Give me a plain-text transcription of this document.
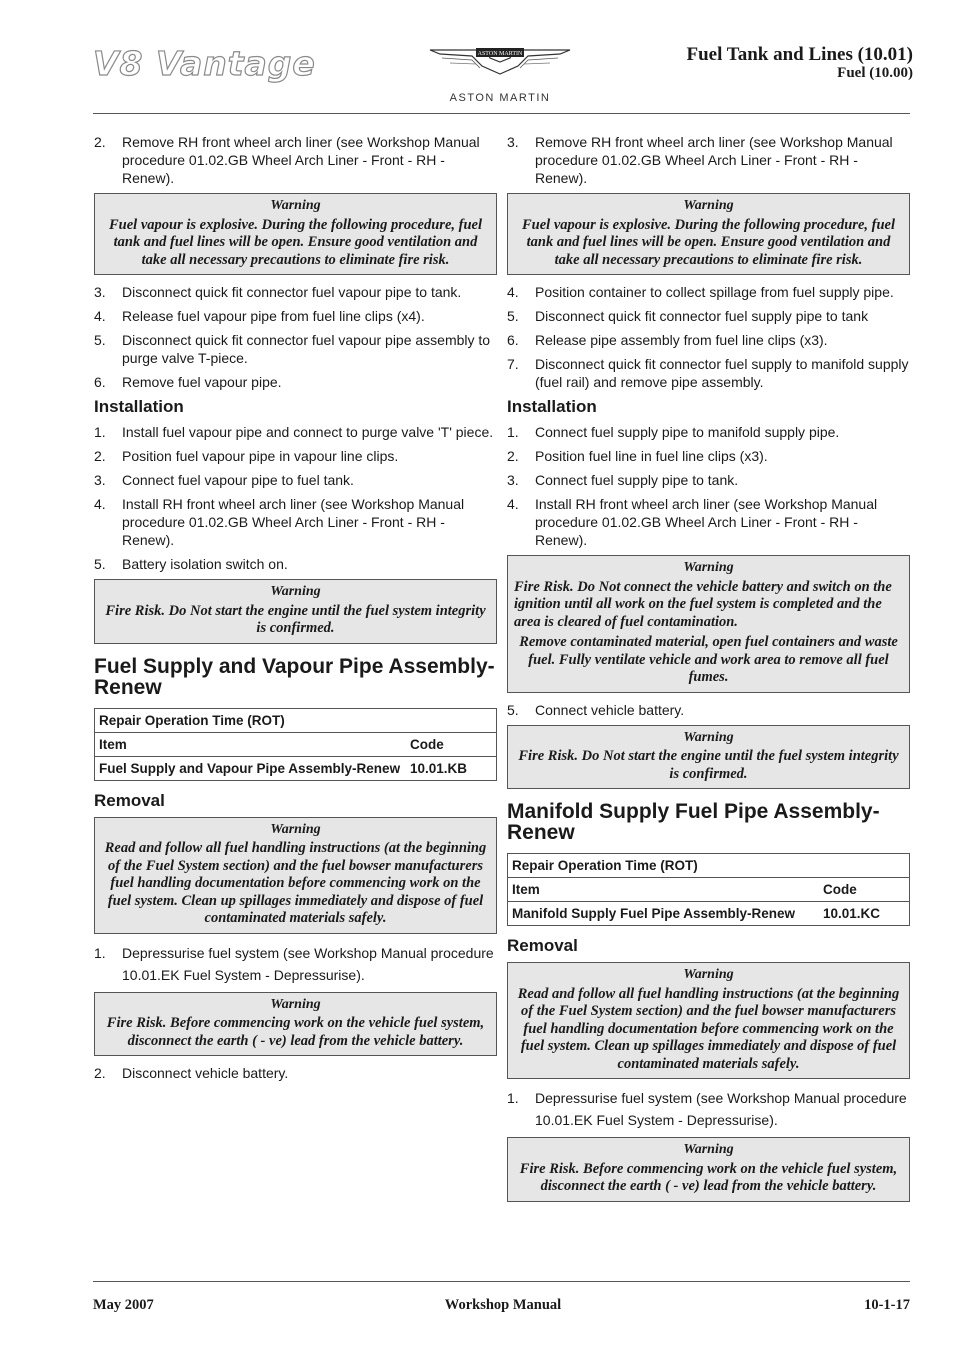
V8 Vantage	ASTON MARTIN
ASTON MARTIN
Fuel Tank and Lines (10.01)
Fuel (10.00)
2.	Remove RH front wheel arch liner (see Workshop Manual procedure 01.02.GB Wheel Arch Liner - Front - RH - Renew).
Warning
Fuel vapour is explosive. During the following procedure, fuel tank and fuel lines will be open. Ensure good ventilation and take all necessary precautions to eliminate fire risk.
3.	Disconnect quick fit connector fuel vapour pipe to tank.
4.	Release fuel vapour pipe from fuel line clips (x4).
5.	Disconnect quick fit connector fuel vapour pipe assembly to purge valve T-piece.
6.	Remove fuel vapour pipe.
Installation
1.	Install fuel vapour pipe and connect to purge valve 'T' piece.
2.	Position fuel vapour pipe in vapour line clips.
3.	Connect fuel vapour pipe to fuel tank.
4.	Install RH front wheel arch liner (see Workshop Manual procedure 01.02.GB Wheel Arch Liner - Front - RH - Renew).
5.	Battery isolation switch on.
Warning
Fire Risk. Do Not start the engine until the fuel system integrity is confirmed.
Fuel Supply and Vapour Pipe Assembly-Renew
Repair Operation Time (ROT)	
Item	Code
Fuel Supply and Vapour Pipe Assembly-Renew	10.01.KB
Removal
Warning
Read and follow all fuel handling instructions (at the beginning of the Fuel System section) and the fuel bowser manufacturers fuel handling documentation before commencing work on the fuel system. Clean up spillages immediately and dispose of fuel contaminated materials safely.
1.	Depressurise fuel system (see Workshop Manual procedure 10.01.EK Fuel System - Depressurise).
Warning
Fire Risk. Before commencing work on the vehicle fuel system, disconnect the earth ( - ve) lead from the vehicle battery.
2.	Disconnect vehicle battery.
3.	Remove RH front wheel arch liner (see Workshop Manual procedure 01.02.GB Wheel Arch Liner - Front - RH - Renew).
Warning
Fuel vapour is explosive. During the following procedure, fuel tank and fuel lines will be open. Ensure good ventilation and take all necessary precautions to eliminate fire risk.
4.	Position container to collect spillage from fuel supply pipe.
5.	Disconnect quick fit connector fuel supply pipe to tank
6.	Release pipe assembly from fuel line clips (x3).
7.	Disconnect quick fit connector fuel supply to manifold supply (fuel rail) and remove pipe assembly.
Installation
1.	Connect fuel supply pipe to manifold supply pipe.
2.	Position fuel line in fuel line clips (x3).
3.	Connect fuel supply pipe to tank.
4.	Install RH front wheel arch liner (see Workshop Manual procedure 01.02.GB Wheel Arch Liner - Front - RH - Renew).
Warning
Fire Risk. Do Not connect the vehicle battery and switch on the ignition until all work on the fuel system is completed and the area is cleared of fuel contamination.
Remove contaminated material, open fuel containers and waste fuel. Fully ventilate vehicle and work area to remove all fuel fumes.
5.	Connect vehicle battery.
Warning
Fire Risk. Do Not start the engine until the fuel system integrity is confirmed.
Manifold Supply Fuel Pipe Assembly-Renew
Repair Operation Time (ROT)	
Item	Code
Manifold Supply Fuel Pipe Assembly-Renew	10.01.KC
Removal
Warning
Read and follow all fuel handling instructions (at the beginning of the Fuel System section) and the fuel bowser manufacturers fuel handling documentation before commencing work on the fuel system. Clean up spillages immediately and dispose of fuel contaminated materials safely.
1.	Depressurise fuel system (see Workshop Manual procedure 10.01.EK Fuel System - Depressurise).
Warning
Fire Risk. Before commencing work on the vehicle fuel system, disconnect the earth ( - ve) lead from the vehicle battery.
May 2007	Workshop Manual	10-1-17
